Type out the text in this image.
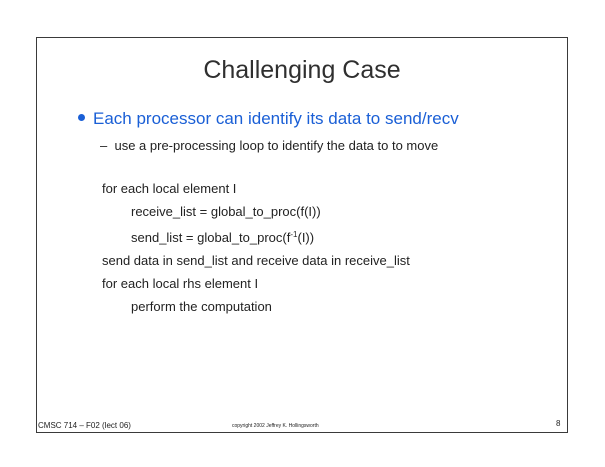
Challenging Case
Each processor can identify its data to send/recv
– use a pre-processing loop to identify the data to to move
for each local element I
receive_list = global_to_proc(f(I))
send_list = $global\_to\_proc(f^{-1}(I))$
send data in send_list and receive data in receive_list
for each local rhs element I
perform the computation
CMSC 714 – F02 (lect 06)	copyright 2002 Jeffrey K. Hollingsworth	8
